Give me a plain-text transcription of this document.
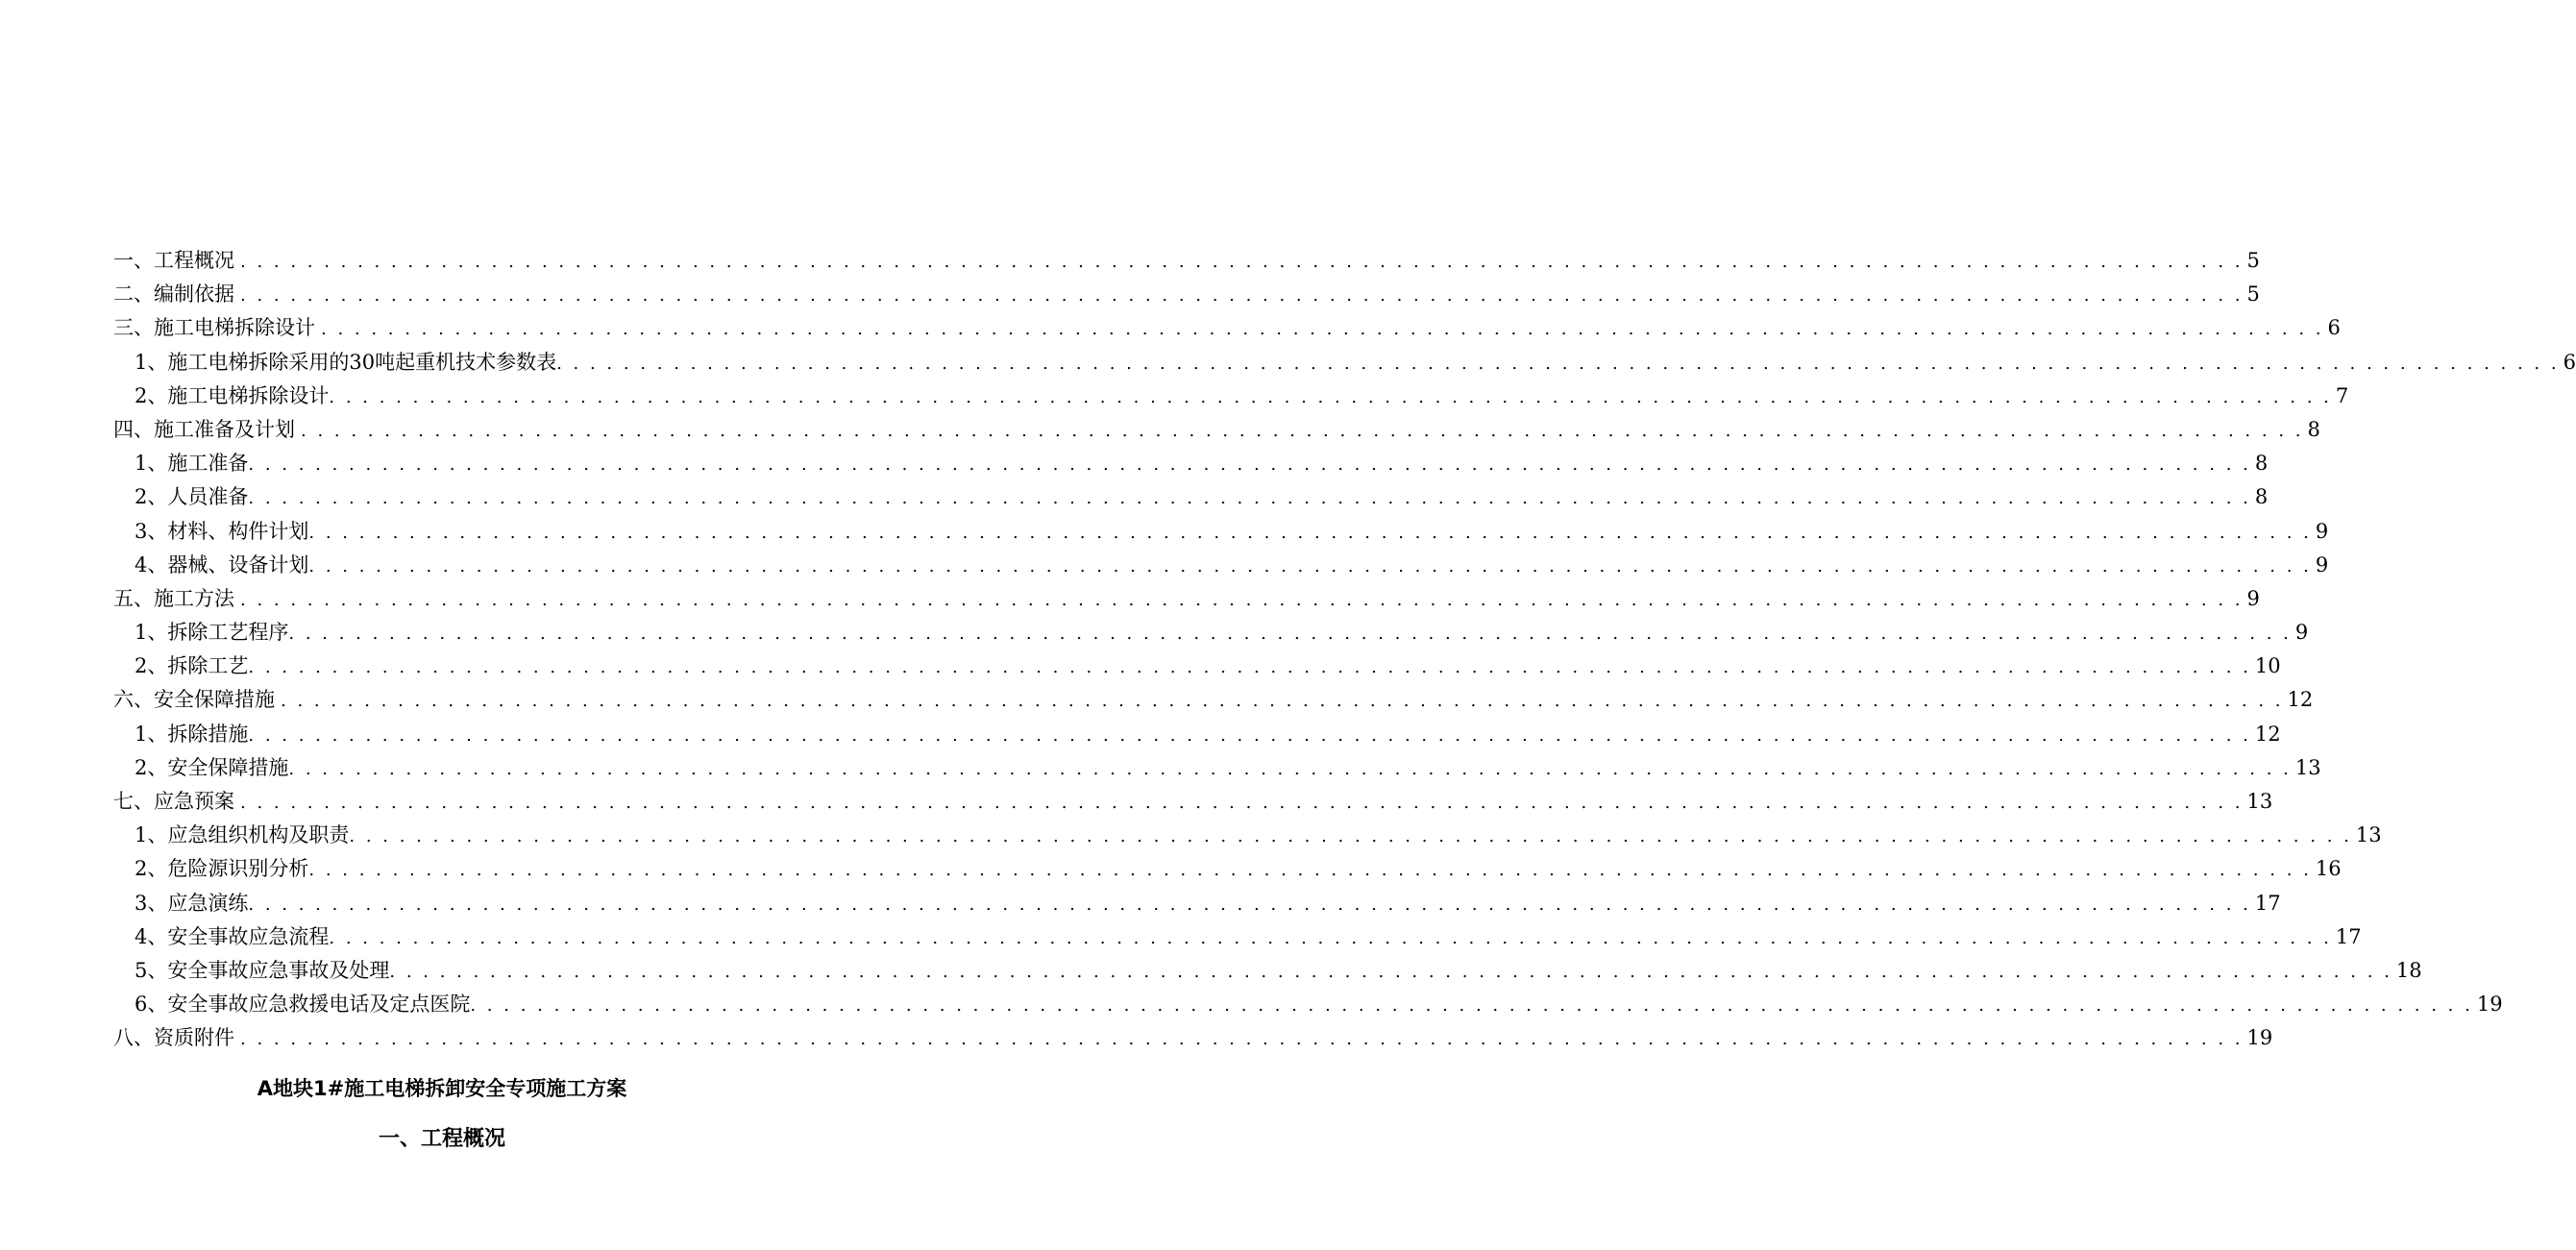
一、工程概况 . . . . . . . . . . . . . . . . . . . . . . . . . . . . . . . . . . . . . . . . . . . . . . . . . . . . . . . . . . . . . . . . . . . . . . . . . . . . . . . . . . . . . . . . . . . . . . . . . . . . . . . . . . . . . . . . . . . . . . . . 5
二、编制依据 . . . . . . . . . . . . . . . . . . . . . . . . . . . . . . . . . . . . . . . . . . . . . . . . . . . . . . . . . . . . . . . . . . . . . . . . . . . . . . . . . . . . . . . . . . . . . . . . . . . . . . . . . . . . . . . . . . . . . . . . 5
三、施工电梯拆除设计 . . . . . . . . . . . . . . . . . . . . . . . . . . . . . . . . . . . . . . . . . . . . . . . . . . . . . . . . . . . . . . . . . . . . . . . . . . . . . . . . . . . . . . . . . . . . . . . . . . . . . . . . . . . . . . . . . . . . . . . . 6
1、施工电梯拆除采用的30吨起重机技术参数表 . . . . . . . . . . . . . . . . . . . . . . . . . . . . . . . . . . . . . . . . . . . . . . . . . . . . . . . . . . . . . . . . . . . . . . . . . . . . . . . . . . . . . . . . . . . . . . . . . . . . . . . . . . . . . . . . . . . . . . . . 6
2、施工电梯拆除设计 . . . . . . . . . . . . . . . . . . . . . . . . . . . . . . . . . . . . . . . . . . . . . . . . . . . . . . . . . . . . . . . . . . . . . . . . . . . . . . . . . . . . . . . . . . . . . . . . . . . . . . . . . . . . . . . . . . . . . . . . 7
四、施工准备及计划 . . . . . . . . . . . . . . . . . . . . . . . . . . . . . . . . . . . . . . . . . . . . . . . . . . . . . . . . . . . . . . . . . . . . . . . . . . . . . . . . . . . . . . . . . . . . . . . . . . . . . . . . . . . . . . . . . . . . . . . . 8
1、施工准备 . . . . . . . . . . . . . . . . . . . . . . . . . . . . . . . . . . . . . . . . . . . . . . . . . . . . . . . . . . . . . . . . . . . . . . . . . . . . . . . . . . . . . . . . . . . . . . . . . . . . . . . . . . . . . . . . . . . . . . . . 8
2、人员准备 . . . . . . . . . . . . . . . . . . . . . . . . . . . . . . . . . . . . . . . . . . . . . . . . . . . . . . . . . . . . . . . . . . . . . . . . . . . . . . . . . . . . . . . . . . . . . . . . . . . . . . . . . . . . . . . . . . . . . . . . 8
3、材料、构件计划 . . . . . . . . . . . . . . . . . . . . . . . . . . . . . . . . . . . . . . . . . . . . . . . . . . . . . . . . . . . . . . . . . . . . . . . . . . . . . . . . . . . . . . . . . . . . . . . . . . . . . . . . . . . . . . . . . . . . . . . . 9
4、器械、设备计划 . . . . . . . . . . . . . . . . . . . . . . . . . . . . . . . . . . . . . . . . . . . . . . . . . . . . . . . . . . . . . . . . . . . . . . . . . . . . . . . . . . . . . . . . . . . . . . . . . . . . . . . . . . . . . . . . . . . . . . . . 9
五、施工方法 . . . . . . . . . . . . . . . . . . . . . . . . . . . . . . . . . . . . . . . . . . . . . . . . . . . . . . . . . . . . . . . . . . . . . . . . . . . . . . . . . . . . . . . . . . . . . . . . . . . . . . . . . . . . . . . . . . . . . . . . 9
1、拆除工艺程序 . . . . . . . . . . . . . . . . . . . . . . . . . . . . . . . . . . . . . . . . . . . . . . . . . . . . . . . . . . . . . . . . . . . . . . . . . . . . . . . . . . . . . . . . . . . . . . . . . . . . . . . . . . . . . . . . . . . . . . . . 9
2、拆除工艺 . . . . . . . . . . . . . . . . . . . . . . . . . . . . . . . . . . . . . . . . . . . . . . . . . . . . . . . . . . . . . . . . . . . . . . . . . . . . . . . . . . . . . . . . . . . . . . . . . . . . . . . . . . . . . . . . . . . . . . . . 10
六、安全保障措施 . . . . . . . . . . . . . . . . . . . . . . . . . . . . . . . . . . . . . . . . . . . . . . . . . . . . . . . . . . . . . . . . . . . . . . . . . . . . . . . . . . . . . . . . . . . . . . . . . . . . . . . . . . . . . . . . . . . . . . . . 12
1、拆除措施 . . . . . . . . . . . . . . . . . . . . . . . . . . . . . . . . . . . . . . . . . . . . . . . . . . . . . . . . . . . . . . . . . . . . . . . . . . . . . . . . . . . . . . . . . . . . . . . . . . . . . . . . . . . . . . . . . . . . . . . . 12
2、安全保障措施 . . . . . . . . . . . . . . . . . . . . . . . . . . . . . . . . . . . . . . . . . . . . . . . . . . . . . . . . . . . . . . . . . . . . . . . . . . . . . . . . . . . . . . . . . . . . . . . . . . . . . . . . . . . . . . . . . . . . . . . . 13
七、应急预案 . . . . . . . . . . . . . . . . . . . . . . . . . . . . . . . . . . . . . . . . . . . . . . . . . . . . . . . . . . . . . . . . . . . . . . . . . . . . . . . . . . . . . . . . . . . . . . . . . . . . . . . . . . . . . . . . . . . . . . . . 13
1、应急组织机构及职责 . . . . . . . . . . . . . . . . . . . . . . . . . . . . . . . . . . . . . . . . . . . . . . . . . . . . . . . . . . . . . . . . . . . . . . . . . . . . . . . . . . . . . . . . . . . . . . . . . . . . . . . . . . . . . . . . . . . . . . . . 13
2、危险源识别分析 . . . . . . . . . . . . . . . . . . . . . . . . . . . . . . . . . . . . . . . . . . . . . . . . . . . . . . . . . . . . . . . . . . . . . . . . . . . . . . . . . . . . . . . . . . . . . . . . . . . . . . . . . . . . . . . . . . . . . . . . 16
3、应急演练 . . . . . . . . . . . . . . . . . . . . . . . . . . . . . . . . . . . . . . . . . . . . . . . . . . . . . . . . . . . . . . . . . . . . . . . . . . . . . . . . . . . . . . . . . . . . . . . . . . . . . . . . . . . . . . . . . . . . . . . . 17
4、安全事故应急流程 . . . . . . . . . . . . . . . . . . . . . . . . . . . . . . . . . . . . . . . . . . . . . . . . . . . . . . . . . . . . . . . . . . . . . . . . . . . . . . . . . . . . . . . . . . . . . . . . . . . . . . . . . . . . . . . . . . . . . . . . 17
5、安全事故应急事故及处理 . . . . . . . . . . . . . . . . . . . . . . . . . . . . . . . . . . . . . . . . . . . . . . . . . . . . . . . . . . . . . . . . . . . . . . . . . . . . . . . . . . . . . . . . . . . . . . . . . . . . . . . . . . . . . . . . . . . . . . . . 18
6、安全事故应急救援电话及定点医院 . . . . . . . . . . . . . . . . . . . . . . . . . . . . . . . . . . . . . . . . . . . . . . . . . . . . . . . . . . . . . . . . . . . . . . . . . . . . . . . . . . . . . . . . . . . . . . . . . . . . . . . . . . . . . . . . . . . . . . . . 19
八、资质附件 . . . . . . . . . . . . . . . . . . . . . . . . . . . . . . . . . . . . . . . . . . . . . . . . . . . . . . . . . . . . . . . . . . . . . . . . . . . . . . . . . . . . . . . . . . . . . . . . . . . . . . . . . . . . . . . . . . . . . . . . 19
A地块1#施工电梯拆卸安全专项施工方案
一、工程概况
